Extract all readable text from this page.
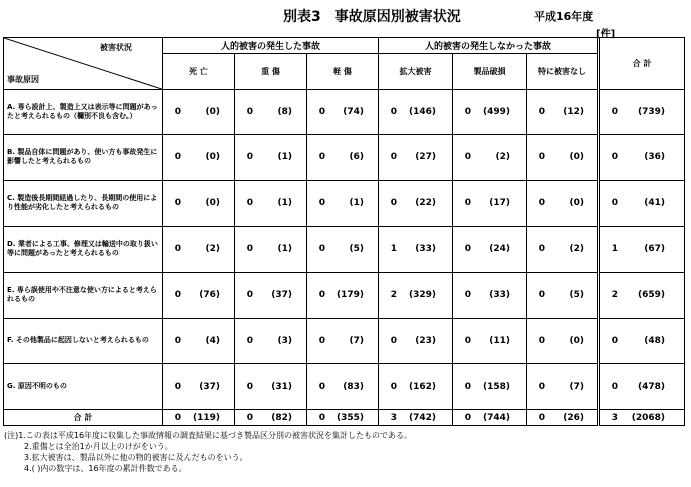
別表3　事故原因別被害状況	平成16年度
[件]
被害状況
事故原因	人的被害の発生した事故			人的被害の発生しなかった事故			合 計
	死 亡	重 傷	軽 傷	拡大被害	製品破損	特に被害なし	
A. 専ら設計上、製造上又は表示等に問題があったと考えられるもの（欄別不良も含む。）	0 (0)	0 (8)	0 (74)	0 (146)	0 (499)	0 (12)	0 (739)
B. 製品自体に問題があり、使い方も事故発生に影響したと考えられるもの	0 (0)	0 (1)	0 (6)	0 (27)	0 (2)	0 (0)	0 (36)
C. 製造後長期間経過したり、長期間の使用により性能が劣化したと考えられるもの	0 (0)	0 (1)	0 (1)	0 (22)	0 (17)	0 (0)	0 (41)
D. 業者による工事、修理又は輸送中の取り扱い等に問題があったと考えられるもの	0 (2)	0 (1)	0 (5)	1 (33)	0 (24)	0 (2)	1 (67)
E. 専ら誤使用や不注意な使い方によると考えられるもの	0 (76)	0 (37)	0 (179)	2 (329)	0 (33)	0 (5)	2 (659)
F. その他製品に起因しないと考えられるもの	0 (4)	0 (3)	0 (7)	0 (23)	0 (11)	0 (0)	0 (48)
G. 原因不明のもの	0 (37)	0 (31)	0 (83)	0 (162)	0 (158)	0 (7)	0 (478)
合 計	0 (119)	0 (82)	0 (355)	3 (742)	0 (744)	0 (26)	3 (2068)
(注)1.この表は平成16年度に収集した事故情報の調査結果に基づき製品区分別の被害状況を集計したものである。
2.重傷とは全治1か月以上のけがをいう。
3.拡大被害は、製品以外に他の物的被害に及んだものをいう。
4.( )内の数字は、16年度の累計件数である。
